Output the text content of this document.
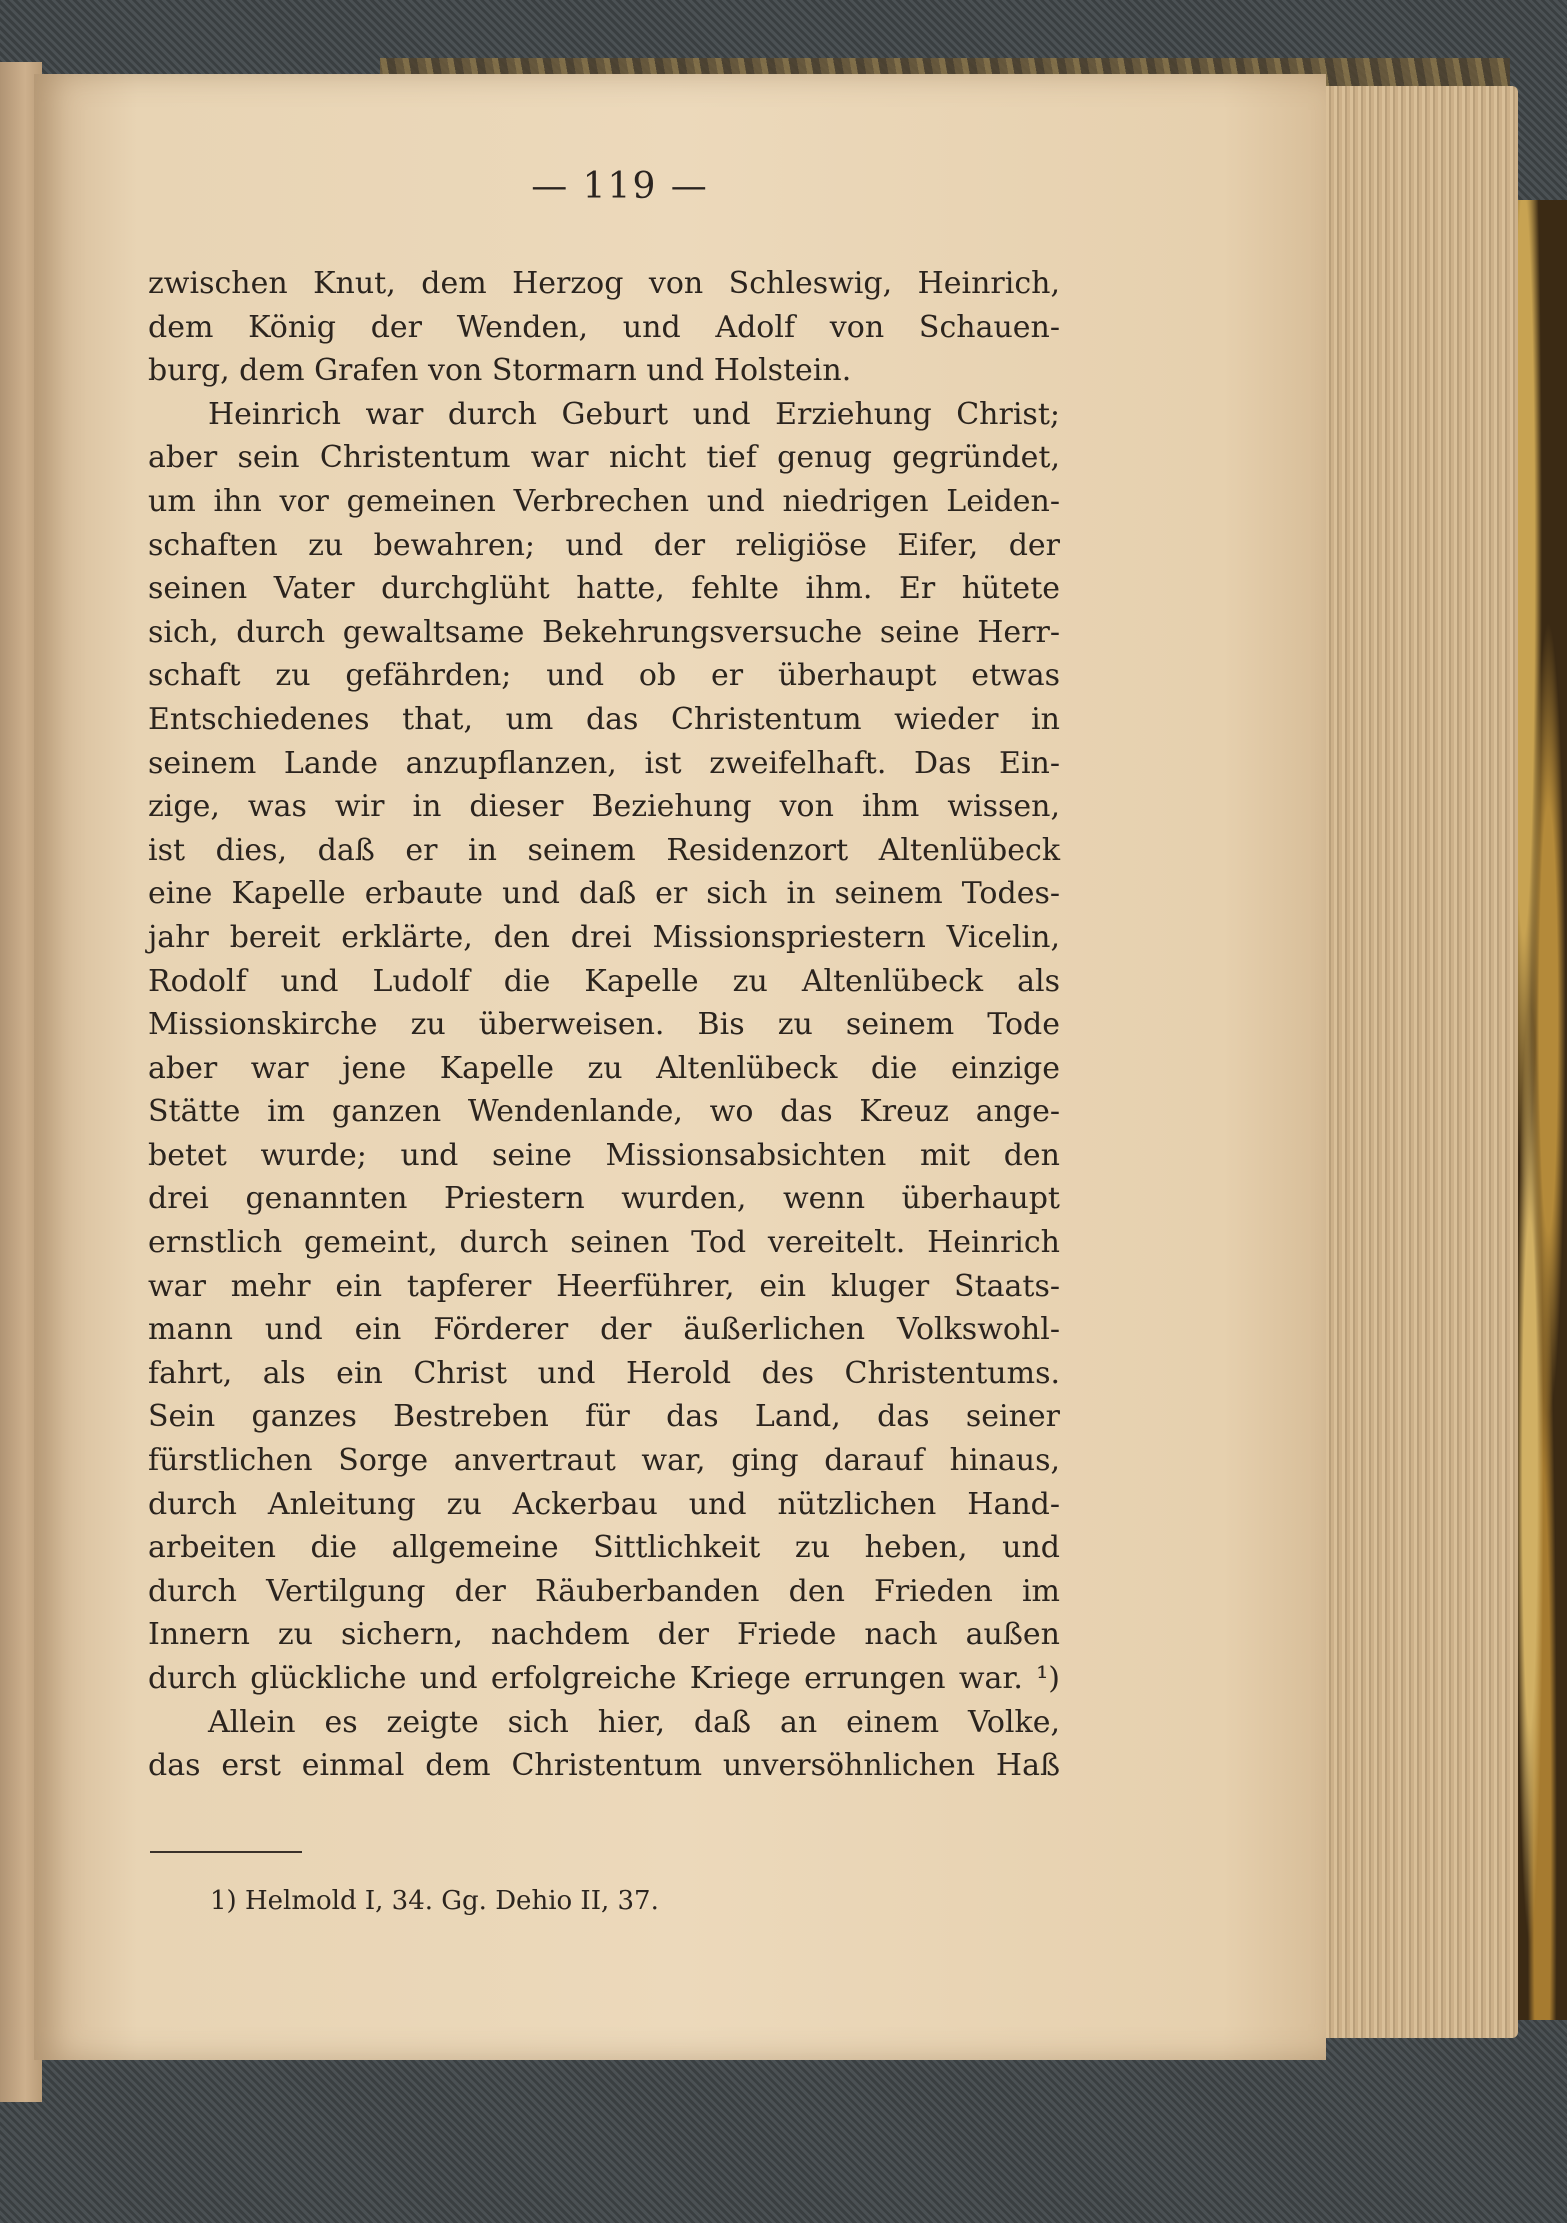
— 119 —
zwischen Knut, dem Herzog von Schleswig, Heinrich,
dem König der Wenden, und Adolf von Schauen-
burg, dem Grafen von Stormarn und Holstein.
Heinrich war durch Geburt und Erziehung Christ;
aber sein Christentum war nicht tief genug gegründet,
um ihn vor gemeinen Verbrechen und niedrigen Leiden-
schaften zu bewahren; und der religiöse Eifer, der
seinen Vater durchglüht hatte, fehlte ihm. Er hütete
sich, durch gewaltsame Bekehrungsversuche seine Herr-
schaft zu gefährden; und ob er überhaupt etwas
Entschiedenes that, um das Christentum wieder in
seinem Lande anzupflanzen, ist zweifelhaft. Das Ein-
zige, was wir in dieser Beziehung von ihm wissen,
ist dies, daß er in seinem Residenzort Altenlübeck
eine Kapelle erbaute und daß er sich in seinem Todes-
jahr bereit erklärte, den drei Missionspriestern Vicelin,
Rodolf und Ludolf die Kapelle zu Altenlübeck als
Missionskirche zu überweisen. Bis zu seinem Tode
aber war jene Kapelle zu Altenlübeck die einzige
Stätte im ganzen Wendenlande, wo das Kreuz ange-
betet wurde; und seine Missionsabsichten mit den
drei genannten Priestern wurden, wenn überhaupt
ernstlich gemeint, durch seinen Tod vereitelt. Heinrich
war mehr ein tapferer Heerführer, ein kluger Staats-
mann und ein Förderer der äußerlichen Volkswohl-
fahrt, als ein Christ und Herold des Christentums.
Sein ganzes Bestreben für das Land, das seiner
fürstlichen Sorge anvertraut war, ging darauf hinaus,
durch Anleitung zu Ackerbau und nützlichen Hand-
arbeiten die allgemeine Sittlichkeit zu heben, und
durch Vertilgung der Räuberbanden den Frieden im
Innern zu sichern, nachdem der Friede nach außen
durch glückliche und erfolgreiche Kriege errungen war. ¹)
Allein es zeigte sich hier, daß an einem Volke,
das erst einmal dem Christentum unversöhnlichen Haß
1) Helmold I, 34. Gg. Dehio II, 37.
